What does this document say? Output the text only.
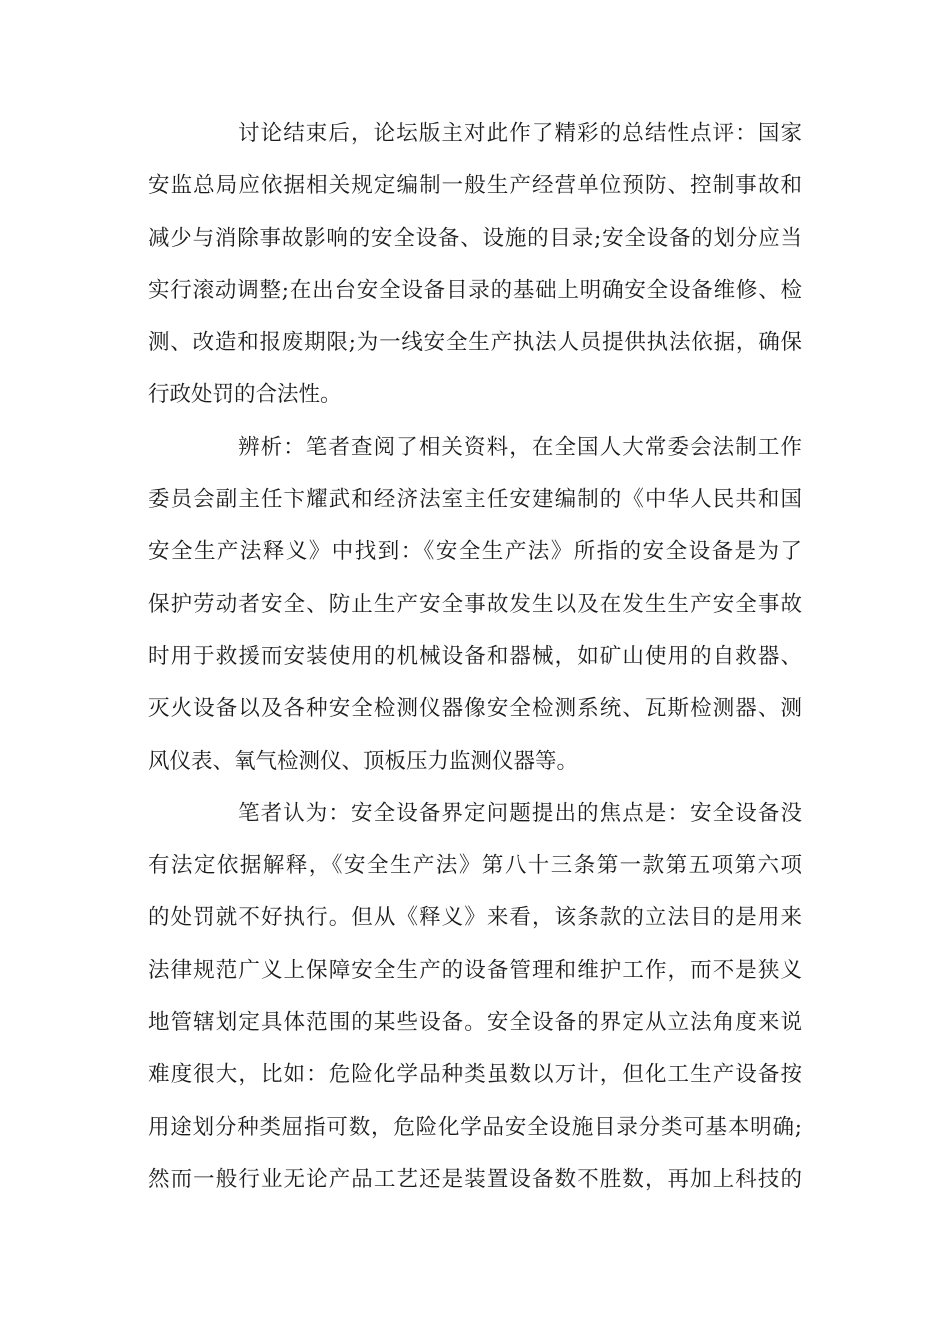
讨论结束后，论坛版主对此作了精彩的总结性点评：国家
安监总局应依据相关规定编制一般生产经营单位预防、控制事故和
减少与消除事故影响的安全设备、设施的目录;安全设备的划分应当
实行滚动调整;在出台安全设备目录的基础上明确安全设备维修、检
测、改造和报废期限;为一线安全生产执法人员提供执法依据，确保
行政处罚的合法性。
辨析：笔者查阅了相关资料，在全国人大常委会法制工作
委员会副主任卞耀武和经济法室主任安建编制的《中华人民共和国
安全生产法释义》中找到：《安全生产法》所指的安全设备是为了
保护劳动者安全、防止生产安全事故发生以及在发生生产安全事故
时用于救援而安装使用的机械设备和器械，如矿山使用的自救器、
灭火设备以及各种安全检测仪器像安全检测系统、瓦斯检测器、测
风仪表、氧气检测仪、顶板压力监测仪器等。
笔者认为：安全设备界定问题提出的焦点是：安全设备没
有法定依据解释，《安全生产法》第八十三条第一款第五项第六项
的处罚就不好执行。但从《释义》来看，该条款的立法目的是用来
法律规范广义上保障安全生产的设备管理和维护工作，而不是狭义
地管辖划定具体范围的某些设备。安全设备的界定从立法角度来说
难度很大，比如：危险化学品种类虽数以万计，但化工生产设备按
用途划分种类屈指可数，危险化学品安全设施目录分类可基本明确;
然而一般行业无论产品工艺还是装置设备数不胜数，再加上科技的
